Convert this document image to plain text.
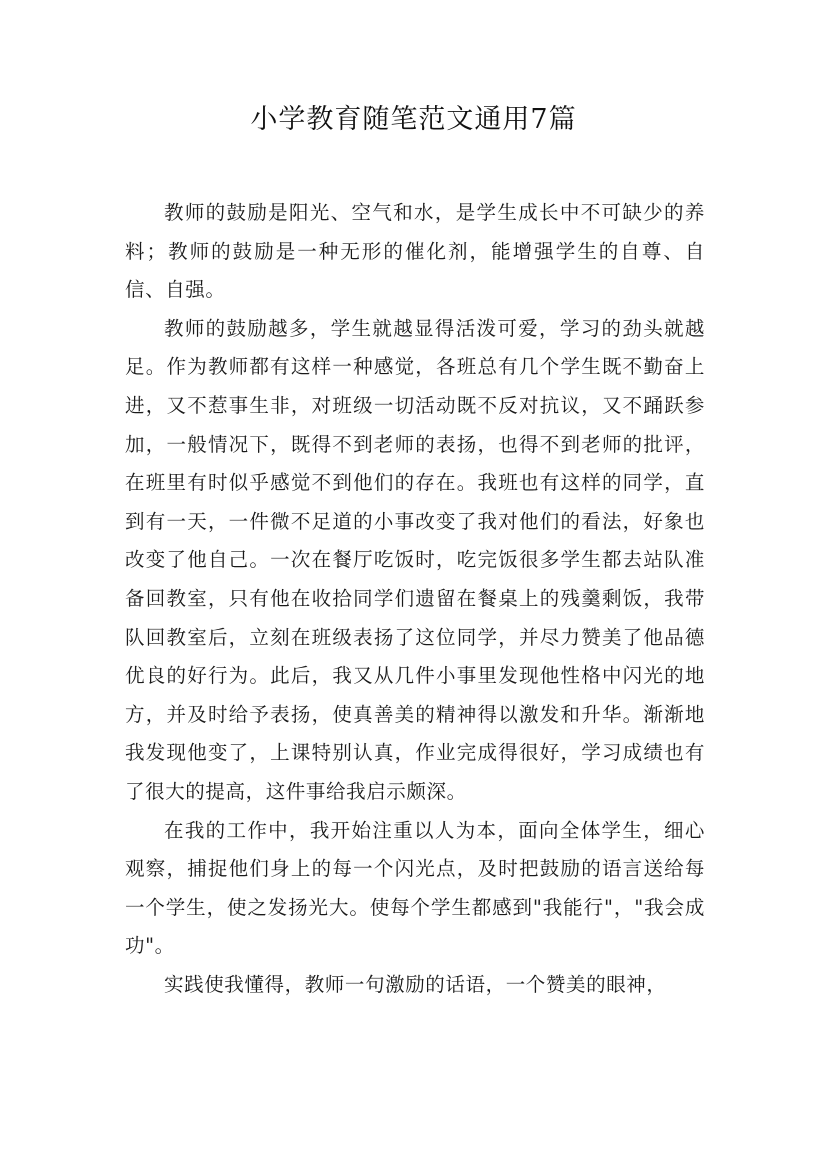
小学教育随笔范文通用7篇

教师的鼓励是阳光、空气和水，是学生成长中不可缺少的养料；教师的鼓励是一种无形的催化剂，能增强学生的自尊、自信、自强。

教师的鼓励越多，学生就越显得活泼可爱，学习的劲头就越足。作为教师都有这样一种感觉，各班总有几个学生既不勤奋上进，又不惹事生非，对班级一切活动既不反对抗议，又不踊跃参加，一般情况下，既得不到老师的表扬，也得不到老师的批评，在班里有时似乎感觉不到他们的存在。我班也有这样的同学，直到有一天，一件微不足道的小事改变了我对他们的看法，好象也改变了他自己。一次在餐厅吃饭时，吃完饭很多学生都去站队准备回教室，只有他在收拾同学们遗留在餐桌上的残羹剩饭，我带队回教室后，立刻在班级表扬了这位同学，并尽力赞美了他品德优良的好行为。此后，我又从几件小事里发现他性格中闪光的地方，并及时给予表扬，使真善美的精神得以激发和升华。渐渐地我发现他变了，上课特别认真，作业完成得很好，学习成绩也有了很大的提高，这件事给我启示颇深。

在我的工作中，我开始注重以人为本，面向全体学生，细心观察，捕捉他们身上的每一个闪光点，及时把鼓励的语言送给每一个学生，使之发扬光大。使每个学生都感到"我能行"，"我会成功"。

实践使我懂得，教师一句激励的话语，一个赞美的眼神，
